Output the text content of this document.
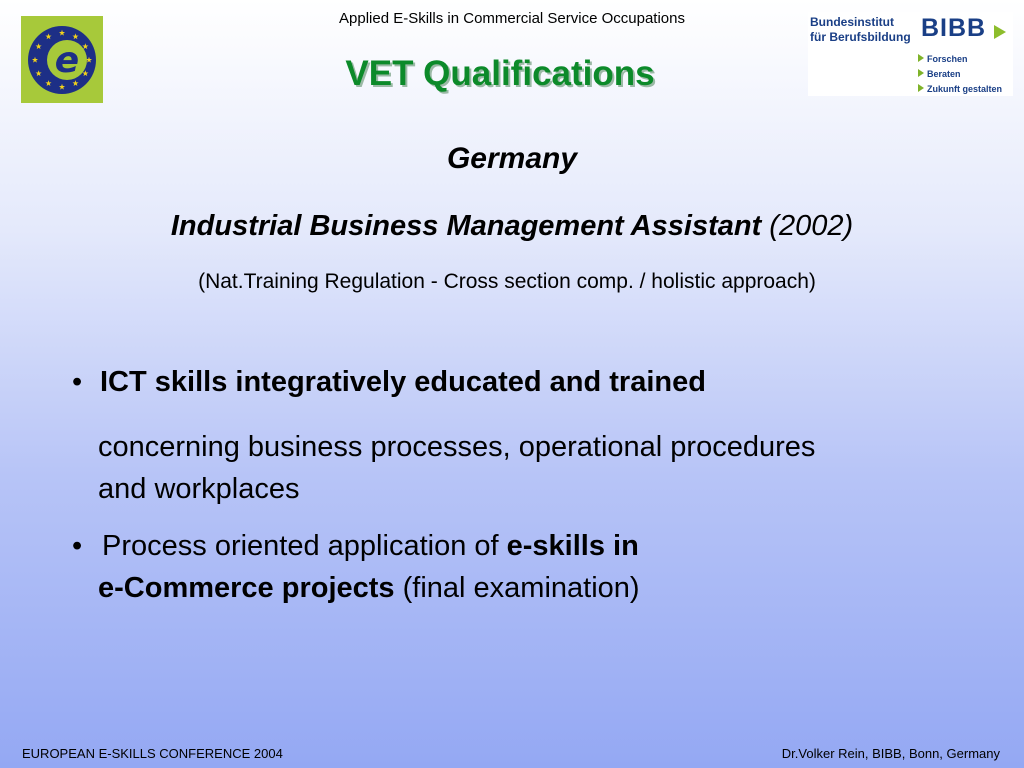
e
Applied E-Skills in Commercial Service Occupations
VET Qualifications
Bundesinstitut
für Berufsbildung BIBB
Forschen
Beraten
Zukunft gestalten
Germany
Industrial Business Management Assistant (2002)
(Nat.Training Regulation - Cross section comp. / holistic approach)
• ICT skills integratively educated and trained
concerning business processes, operational procedures
and workplaces
• Process oriented application of e-skills in
e-Commerce projects (final examination)
EUROPEAN E-SKILLS CONFERENCE 2004	Dr.Volker Rein, BIBB, Bonn, Germany
